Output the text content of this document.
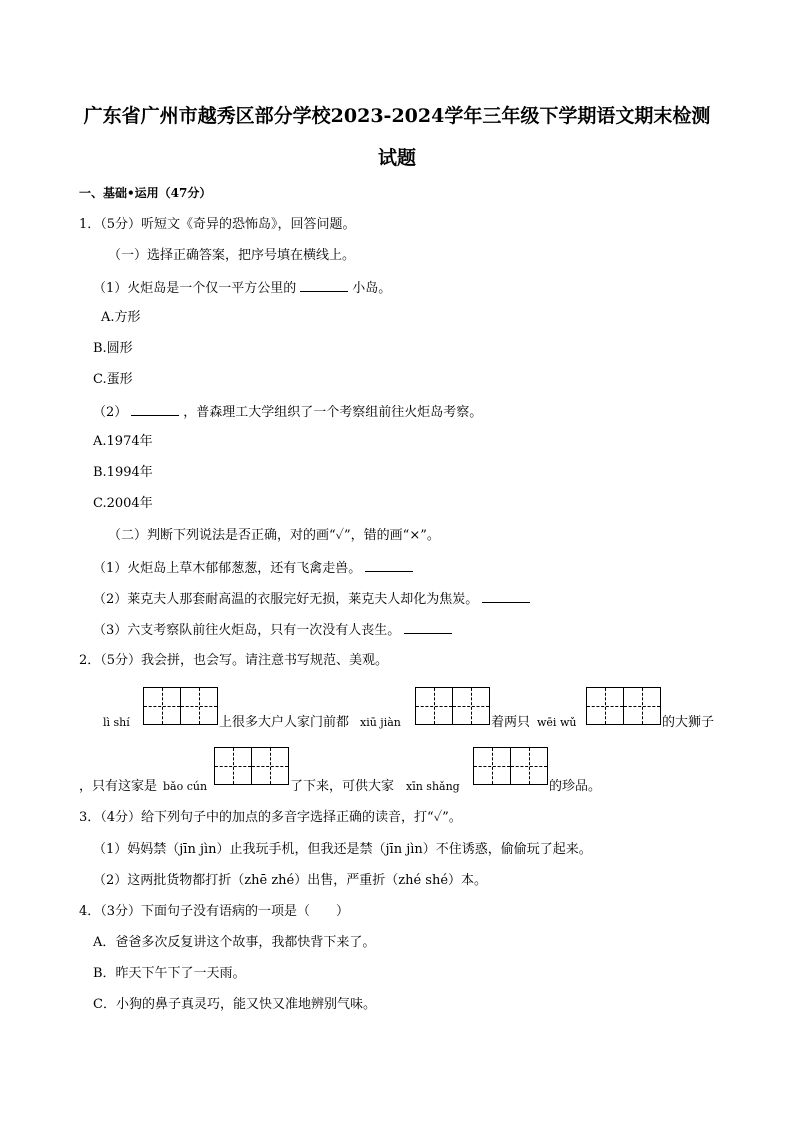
广东省广州市越秀区部分学校2023-2024学年三年级下学期语文期末检测
试题
一、基础•运用（47分）
1．（5分）听短文《奇异的恐怖岛》，回答问题。
（一）选择正确答案，把序号填在横线上。
（1）火炬岛是一个仅一平方公里的	小岛。
A.方形
B.圆形
C.蛋形
（2）	，普森理工大学组织了一个考察组前往火炬岛考察。
A.1974年
B.1994年
C.2004年
（二）判断下列说法是否正确，对的画“✓”，错的画“×”。
（1）火炬岛上草木郁郁葱葱，还有飞禽走兽。
（2）莱克夫人那套耐高温的衣服完好无损，莱克夫人却化为焦炭。
（3）六支考察队前往火炬岛，只有一次没有人丧生。
2．（5分）我会拼，也会写。请注意书写规范、美观。
lì shí	上很多大户人家门前都 xiū jiàn	着两只 wēi wǔ	的大狮子
，只有这家是 bǎo cún	了下来，可供大家 xīn shǎng	的珍品。
3．（4分）给下列句子中的加点的多音字选择正确的读音，打“✓”。
（1）妈妈禁（jīn jìn）止我玩手机，但我还是禁（jīn jìn）不住诱惑，偷偷玩了起来。
（2）这两批货物都打折（zhē zhé）出售，严重折（zhé shé）本。
4．（3分）下面句子没有语病的一项是（　　）
A．爸爸多次反复讲这个故事，我都快背下来了。
B．昨天下午下了一天雨。
C．小狗的鼻子真灵巧，能又快又准地辨别气味。
